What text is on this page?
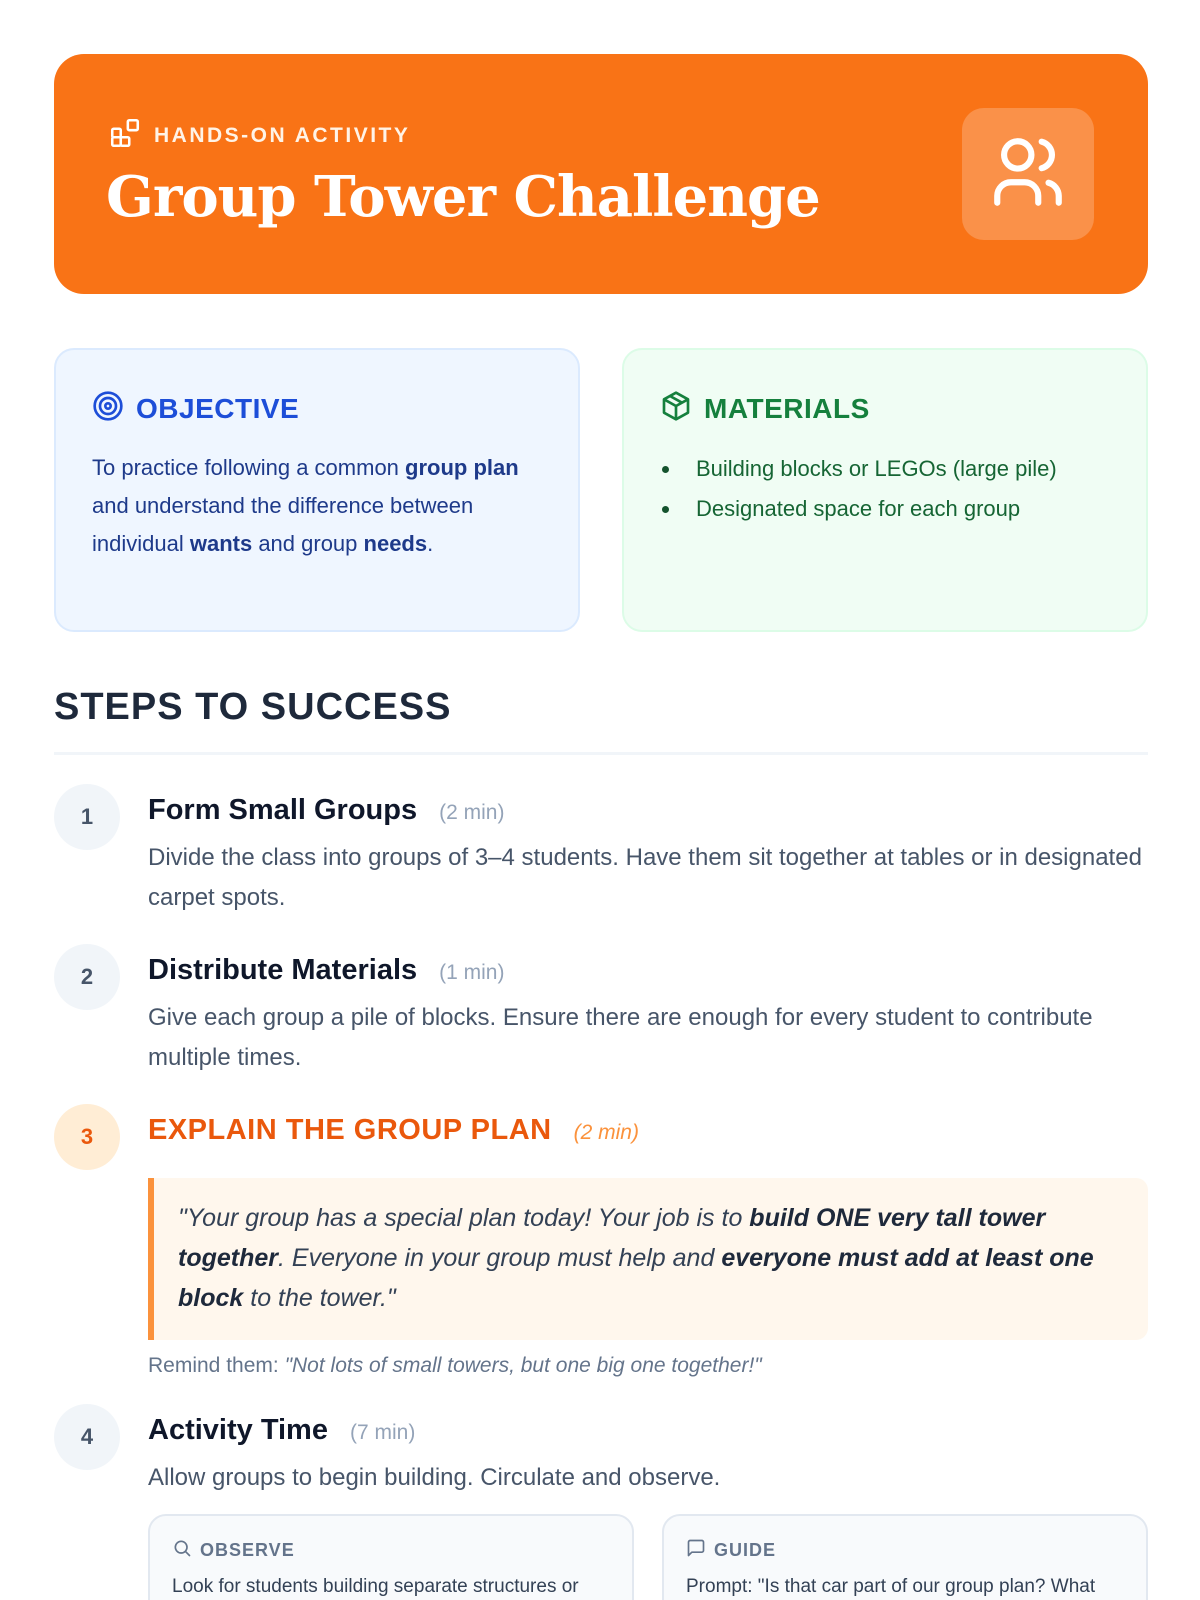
HANDS-ON ACTIVITY
Group Tower Challenge
OBJECTIVE

To practice following a common group plan and understand the difference between individual wants and group needs.

MATERIALS
Building blocks or LEGOs (large pile)
Designated space for each group
STEPS TO SUCCESS
1	Form Small Groups (2 min)

Divide the class into groups of 3–4 students. Have them sit together at tables or in designated carpet spots.

2	Distribute Materials (1 min)

Give each group a pile of blocks. Ensure there are enough for every student to contribute multiple times.

3	EXPLAIN THE GROUP PLAN (2 min)
"Your group has a special plan today! Your job is to build ONE very tall tower together. Everyone in your group must help and everyone must add at least one block to the tower."

Remind them: "Not lots of small towers, but one big one together!"

4	Activity Time (7 min)

Allow groups to begin building. Circulate and observe.

OBSERVE

Look for students building separate structures or

GUIDE

Prompt: "Is that car part of our group plan? What
